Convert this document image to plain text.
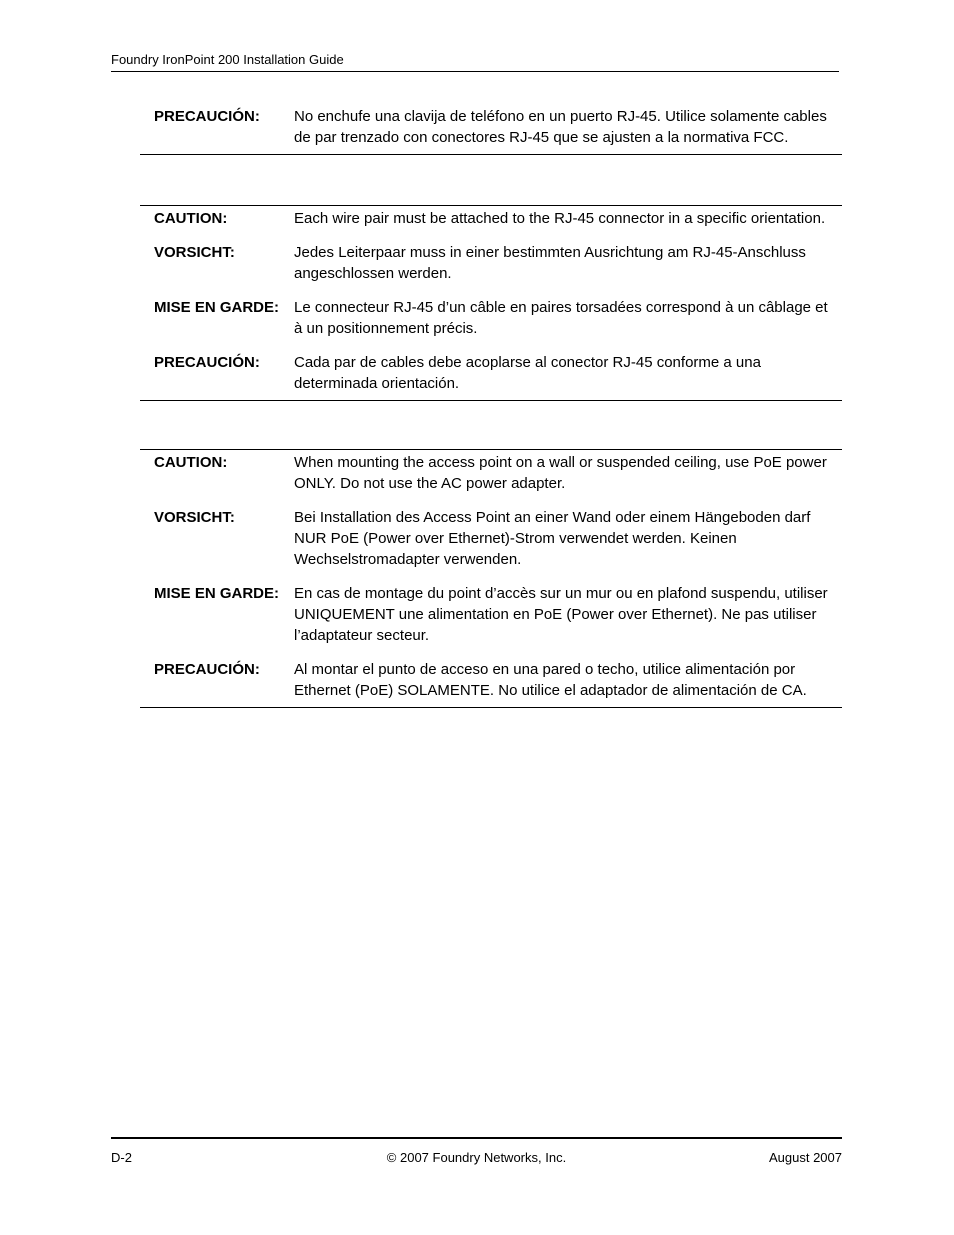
Foundry IronPoint 200 Installation Guide
PRECAUCIÓN:	No enchufe una clavija de teléfono en un puerto RJ-45. Utilice solamente cables de par trenzado con conectores RJ-45 que se ajusten a la normativa FCC.
CAUTION:	Each wire pair must be attached to the RJ-45 connector in a specific orientation.
VORSICHT:	Jedes Leiterpaar muss in einer bestimmten Ausrichtung am RJ-45-Anschluss angeschlossen werden.
MISE EN GARDE: Le connecteur RJ-45 d’un câble en paires torsadées correspond à un câblage et à un positionnement précis.
PRECAUCIÓN:	Cada par de cables debe acoplarse al conector RJ-45 conforme a una determinada orientación.
CAUTION:	When mounting the access point on a wall or suspended ceiling, use PoE power ONLY. Do not use the AC power adapter.
VORSICHT:	Bei Installation des Access Point an einer Wand oder einem Hängeboden darf NUR PoE (Power over Ethernet)-Strom verwendet werden. Keinen Wechselstromadapter verwenden.
MISE EN GARDE: En cas de montage du point d’accès sur un mur ou en plafond suspendu, utiliser UNIQUEMENT une alimentation en PoE (Power over Ethernet). Ne pas utiliser l’adaptateur secteur.
PRECAUCIÓN:	Al montar el punto de acceso en una pared o techo, utilice alimentación por Ethernet (PoE) SOLAMENTE. No utilice el adaptador de alimentación de CA.
D-2	© 2007 Foundry Networks, Inc.	August 2007
